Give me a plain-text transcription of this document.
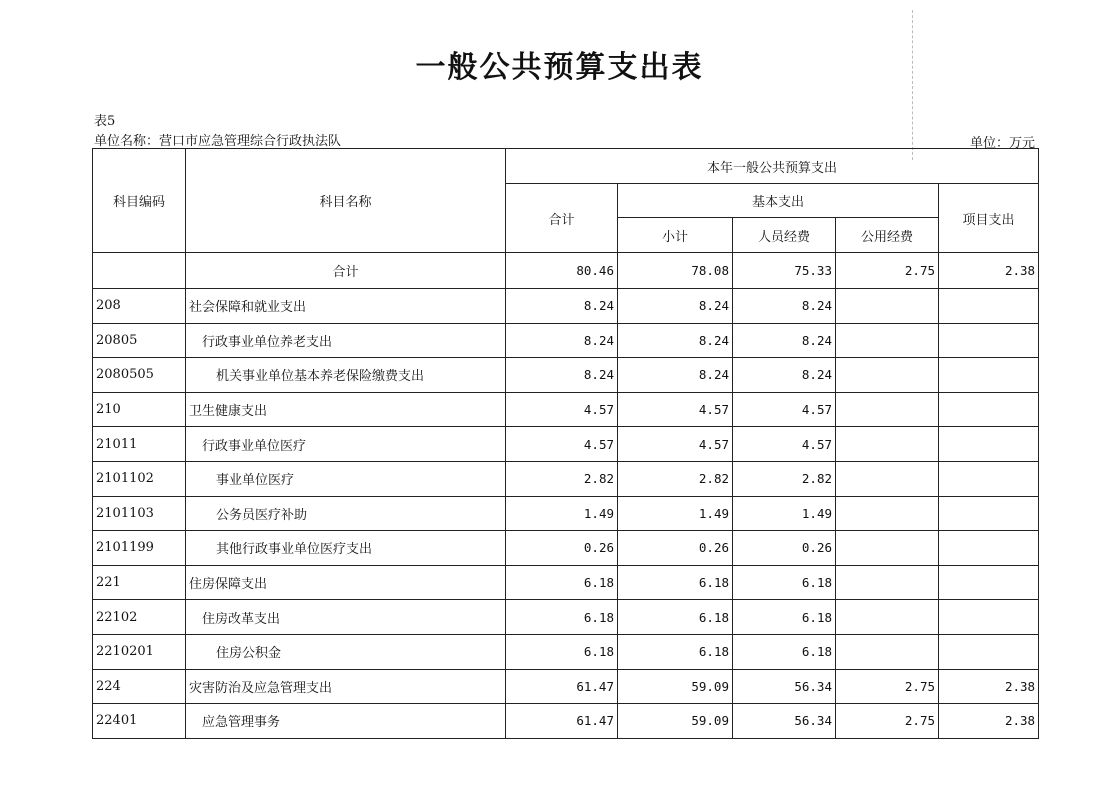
一般公共预算支出表
表5
单位名称：营口市应急管理综合行政执法队	单位：万元
科目编码	科目名称	本年一般公共预算支出				
		合计	基本支出			项目支出
			小计	人员经费	公用经费	
	合计	80.46	78.08	75.33	2.75	2.38
208	社会保障和就业支出	8.24	8.24	8.24		
20805	行政事业单位养老支出	8.24	8.24	8.24		
2080505	机关事业单位基本养老保险缴费支出	8.24	8.24	8.24		
210	卫生健康支出	4.57	4.57	4.57		
21011	行政事业单位医疗	4.57	4.57	4.57		
2101102	事业单位医疗	2.82	2.82	2.82		
2101103	公务员医疗补助	1.49	1.49	1.49		
2101199	其他行政事业单位医疗支出	0.26	0.26	0.26		
221	住房保障支出	6.18	6.18	6.18		
22102	住房改革支出	6.18	6.18	6.18		
2210201	住房公积金	6.18	6.18	6.18		
224	灾害防治及应急管理支出	61.47	59.09	56.34	2.75	2.38
22401	应急管理事务	61.47	59.09	56.34	2.75	2.38
